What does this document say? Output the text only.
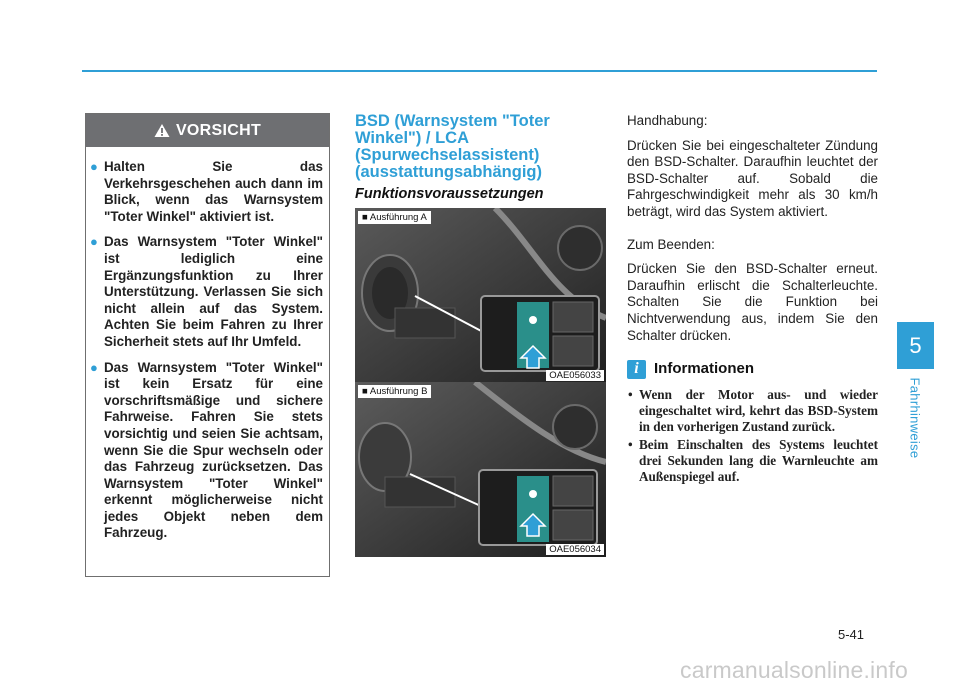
VORSICHT
● Halten Sie das Verkehrsgeschehen auch dann im Blick, wenn das Warnsystem "Toter Winkel" aktiviert ist.
● Das Warnsystem "Toter Winkel" ist lediglich eine Ergänzungsfunktion zu Ihrer Unterstützung. Verlassen Sie sich nicht allein auf das System. Achten Sie beim Fahren zu Ihrer Sicherheit stets auf Ihr Umfeld.
● Das Warnsystem "Toter Winkel" ist kein Ersatz für eine vorschriftsmäßige und sichere Fahrweise. Fahren Sie stets vorsichtig und seien Sie achtsam, wenn Sie die Spur wechseln oder das Fahrzeug zurücksetzen. Das Warnsystem "Toter Winkel" erkennt möglicherweise nicht jedes Objekt neben dem Fahrzeug.
BSD (Warnsystem "Toter Winkel") / LCA (Spurwechselassistent) (ausstattungsabhängig)
Funktionsvoraussetzungen
■ Ausführung A
OAE056033
■ Ausführung B
OAE056034

Handhabung:

Drücken Sie bei eingeschalteter Zündung den BSD-Schalter. Daraufhin leuchtet der BSD-Schalter auf. Sobald die Fahrgeschwindigkeit mehr als 30 km/h beträgt, wird das System aktiviert.

Zum Beenden:

Drücken Sie den BSD-Schalter erneut. Daraufhin erlischt die Schalterleuchte. Schalten Sie die Funktion bei Nichtverwendung aus, indem Sie den Schalter drücken.

i	Informationen
• Wenn der Motor aus- und wieder eingeschaltet wird, kehrt das BSD-System in den vorherigen Zustand zurück.
• Beim Einschalten des Systems leuchtet drei Sekunden lang die Warnleuchte am Außenspiegel auf.
5
Fahrhinweise
5-41
carmanualsonline.info
